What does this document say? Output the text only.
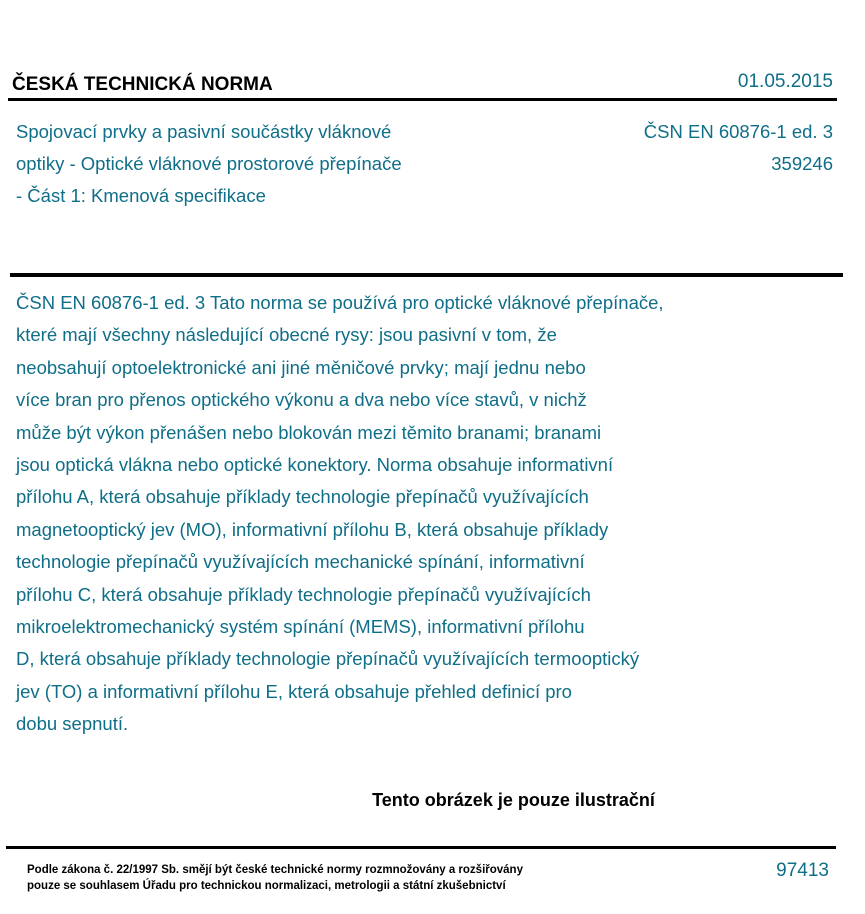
ČESKÁ TECHNICKÁ NORMA	01.05.2015
Spojovací prvky a pasivní součástky vláknové
optiky - Optické vláknové prostorové přepínače
- Část 1: Kmenová specifikace
ČSN EN 60876-1 ed. 3
359246
ČSN EN 60876-1 ed. 3 Tato norma se používá pro optické vláknové přepínače,
které mají všechny následující obecné rysy: jsou pasivní v tom, že
neobsahují optoelektronické ani jiné měničové prvky; mají jednu nebo
více bran pro přenos optického výkonu a dva nebo více stavů, v nichž
může být výkon přenášen nebo blokován mezi těmito branami; branami
jsou optická vlákna nebo optické konektory. Norma obsahuje informativní
přílohu A, která obsahuje příklady technologie přepínačů využívajících
magnetooptický jev (MO), informativní přílohu B, která obsahuje příklady
technologie přepínačů využívajících mechanické spínání, informativní
přílohu C, která obsahuje příklady technologie přepínačů využívajících
mikroelektromechanický systém spínání (MEMS), informativní přílohu
D, která obsahuje příklady technologie přepínačů využívajících termooptický
jev (TO) a informativní přílohu E, která obsahuje přehled definicí pro
dobu sepnutí.
Tento obrázek je pouze ilustrační
Podle zákona č. 22/1997 Sb. smějí být české technické normy rozmnožovány a rozšiřovány
pouze se souhlasem Úřadu pro technickou normalizaci, metrologii a státní zkušebnictví
97413
